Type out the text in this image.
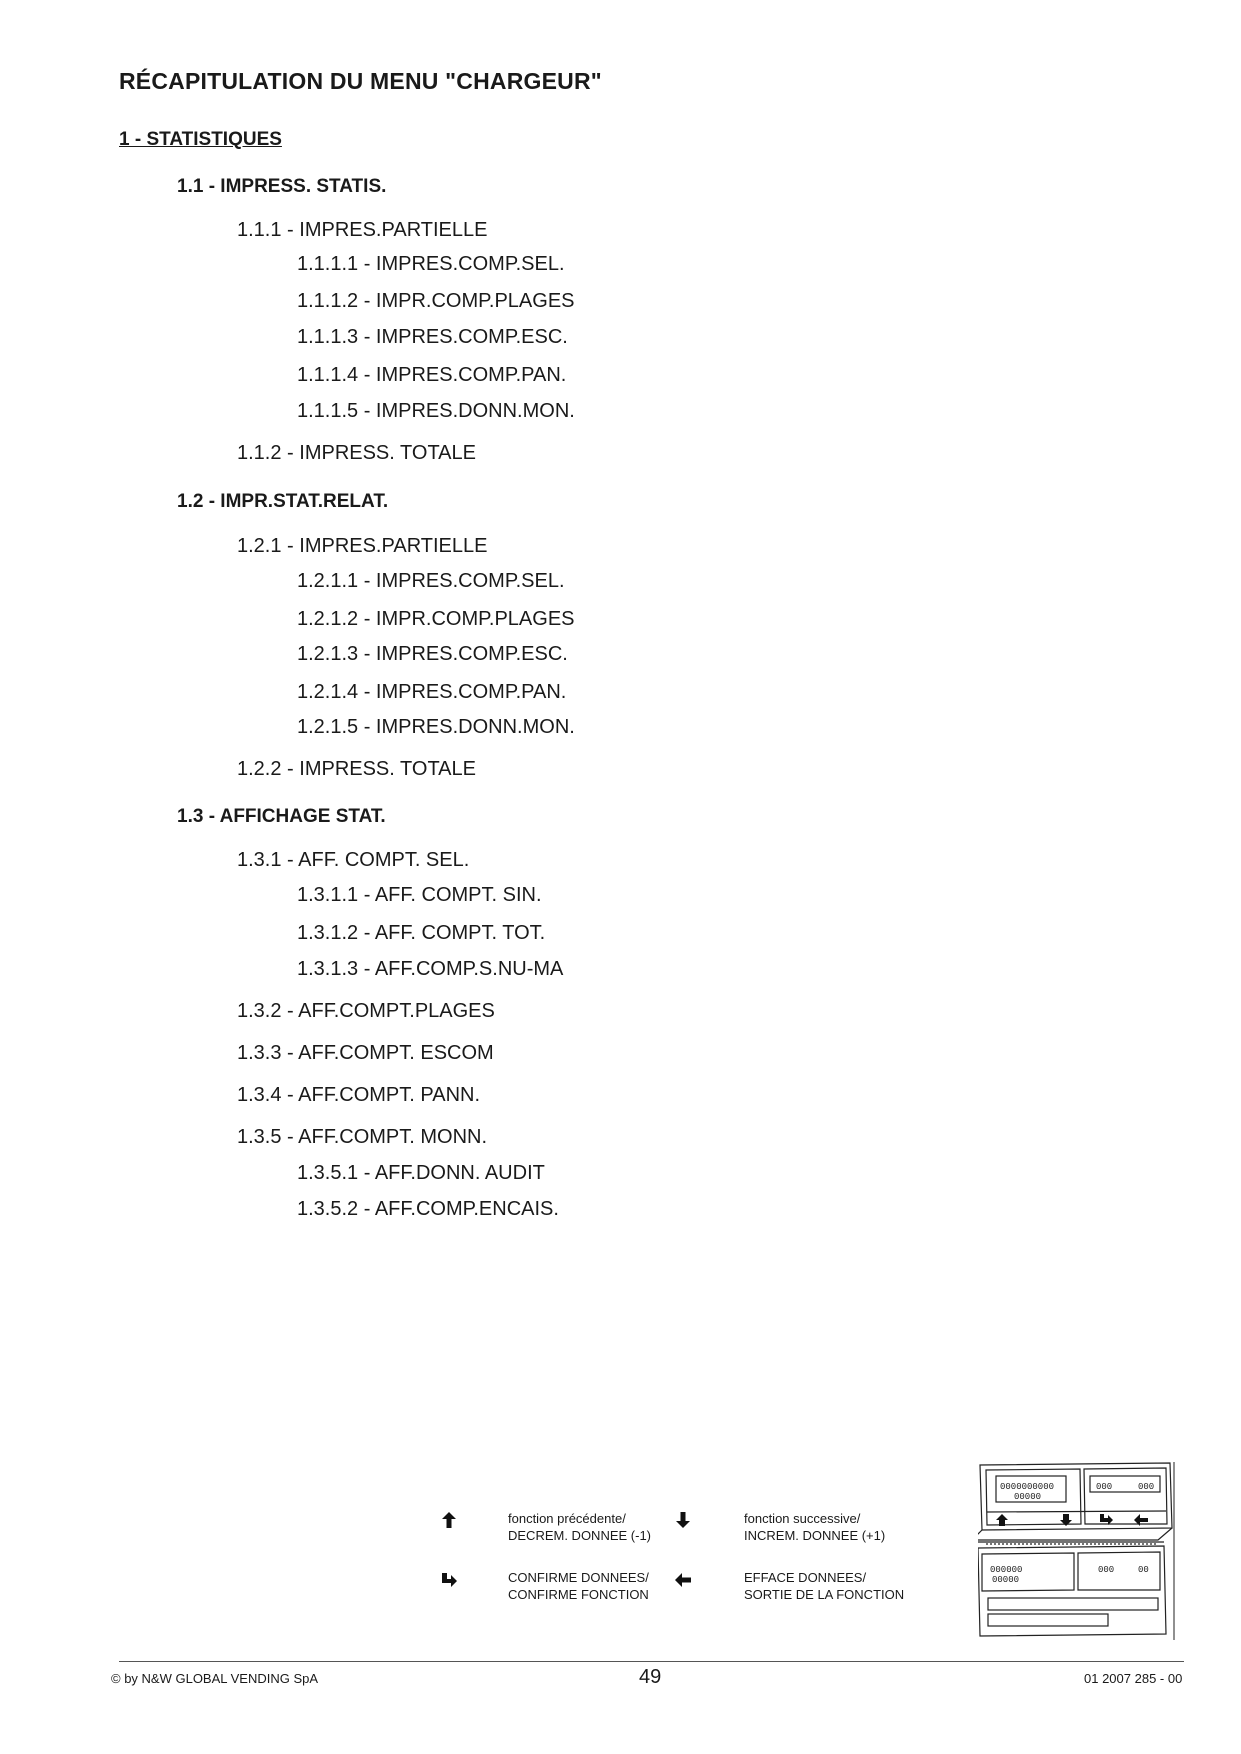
RÉCAPITULATION DU MENU "CHARGEUR"
1 - STATISTIQUES
1.1 - IMPRESS. STATIS.
1.1.1 - IMPRES.PARTIELLE
1.1.1.1 - IMPRES.COMP.SEL.
1.1.1.2 - IMPR.COMP.PLAGES
1.1.1.3 - IMPRES.COMP.ESC.
1.1.1.4 - IMPRES.COMP.PAN.
1.1.1.5 - IMPRES.DONN.MON.
1.1.2 - IMPRESS. TOTALE
1.2 - IMPR.STAT.RELAT.
1.2.1 - IMPRES.PARTIELLE
1.2.1.1 - IMPRES.COMP.SEL.
1.2.1.2 - IMPR.COMP.PLAGES
1.2.1.3 - IMPRES.COMP.ESC.
1.2.1.4 - IMPRES.COMP.PAN.
1.2.1.5 - IMPRES.DONN.MON.
1.2.2 - IMPRESS. TOTALE
1.3 - AFFICHAGE STAT.
1.3.1 - AFF. COMPT. SEL.
1.3.1.1 - AFF. COMPT. SIN.
1.3.1.2 - AFF. COMPT. TOT.
1.3.1.3 - AFF.COMP.S.NU-MA
1.3.2 - AFF.COMPT.PLAGES
1.3.3 - AFF.COMPT. ESCOM
1.3.4 - AFF.COMPT. PANN.
1.3.5 - AFF.COMPT. MONN.
1.3.5.1 - AFF.DONN. AUDIT
1.3.5.2 - AFF.COMP.ENCAIS.
fonction précédente/
DECREM. DONNEE (-1)
fonction successive/
INCREM. DONNEE (+1)
CONFIRME DONNEES/
CONFIRME FONCTION
EFFACE DONNEES/
SORTIE DE LA FONCTION
0000000000
00000
000	000
000000
00000
000	00
© by N&W GLOBAL VENDING SpA	49	01 2007 285 - 00
